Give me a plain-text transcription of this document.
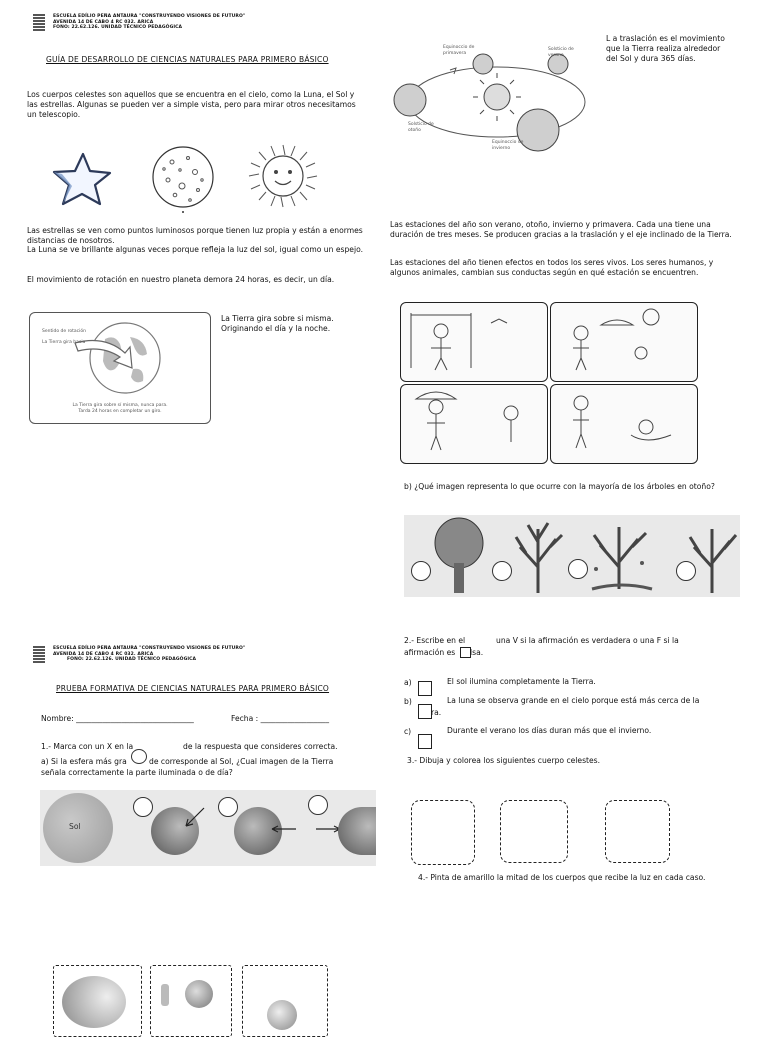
ESCUELA EDÍLIO PEÑA ANTAURA "CONSTRUYENDO VISIONES DE FUTURO"
AVENIDA 14 DE CABO 4 RC 032. ARICA
FONO: 22.62.126. UNIDAD TÉCNICO PEDAGÓGICA
GUÍA DE DESARROLLO DE CIENCIAS NATURALES PARA PRIMERO BÁSICO
Los cuerpos celestes son aquellos que se encuentra en el cielo, como la Luna, el Sol y las estrellas. Algunas se pueden ver a simple vista, pero para mirar otros necesitamos un telescopio.
Las estrellas se ven como puntos luminosos porque tienen luz propia y están a enormes distancias de nosotros.
La Luna se ve brillante algunas veces porque refleja la luz del sol, igual como un espejo.
El movimiento de rotación en nuestro planeta demora 24 horas, es decir, un día.
Sentido de rotación
La Tierra gira hacia
La Tierra gira sobre sí misma, nunca para.
Tarda 24 horas en completar un giro.
La Tierra gira sobre si misma. Originando el día y la noche.
Equinoccio de primavera
Solsticio de verano
Solsticio de otoño
Equinoccio de invierno
L a traslación es el movimiento que la Tierra realiza alrededor del Sol y dura 365 días.
Las estaciones del año son verano, otoño, invierno y primavera. Cada una tiene una duración de tres meses. Se producen gracias a la traslación y el eje inclinado de la Tierra.
Las estaciones del año tienen efectos en todos los seres vivos. Los seres humanos, y algunos animales, cambian sus conductas según en qué estación se encuentren.
b) ¿Qué imagen representa lo que ocurre con la mayoría de los árboles en otoño?
ESCUELA EDÍLIO PEÑA ANTAURA "CONSTRUYENDO VISIONES DE FUTURO"
AVENIDA 14 DE CABO 4 RC 032. ARICA
FONO: 22.62.126. UNIDAD TÉCNICO PEDAGÓGICA
PRUEBA FORMATIVA DE CIENCIAS NATURALES PARA PRIMERO BÁSICO
Nombre: _______________________________	Fecha : __________________
1.- Marca con un X en la	de la respuesta que consideres correcta.
a) Si la esfera más gra	de corresponde al Sol, ¿Cual imagen de la Tierra
señala correctamente la parte iluminada o de día?
Sol
2.- Escribe en el	una V si la afirmación es verdadera o una F si la
afirmación es lsa.
a)	El sol ilumina completamente la Tierra.
b)	La luna se observa grande en el cielo porque está más cerca de la
ra.
c)	Durante el verano los días duran más que el invierno.
3.- Dibuja y colorea los siguientes cuerpo celestes.
4.- Pinta de amarillo la mitad de los cuerpos que recibe la luz en cada caso.
